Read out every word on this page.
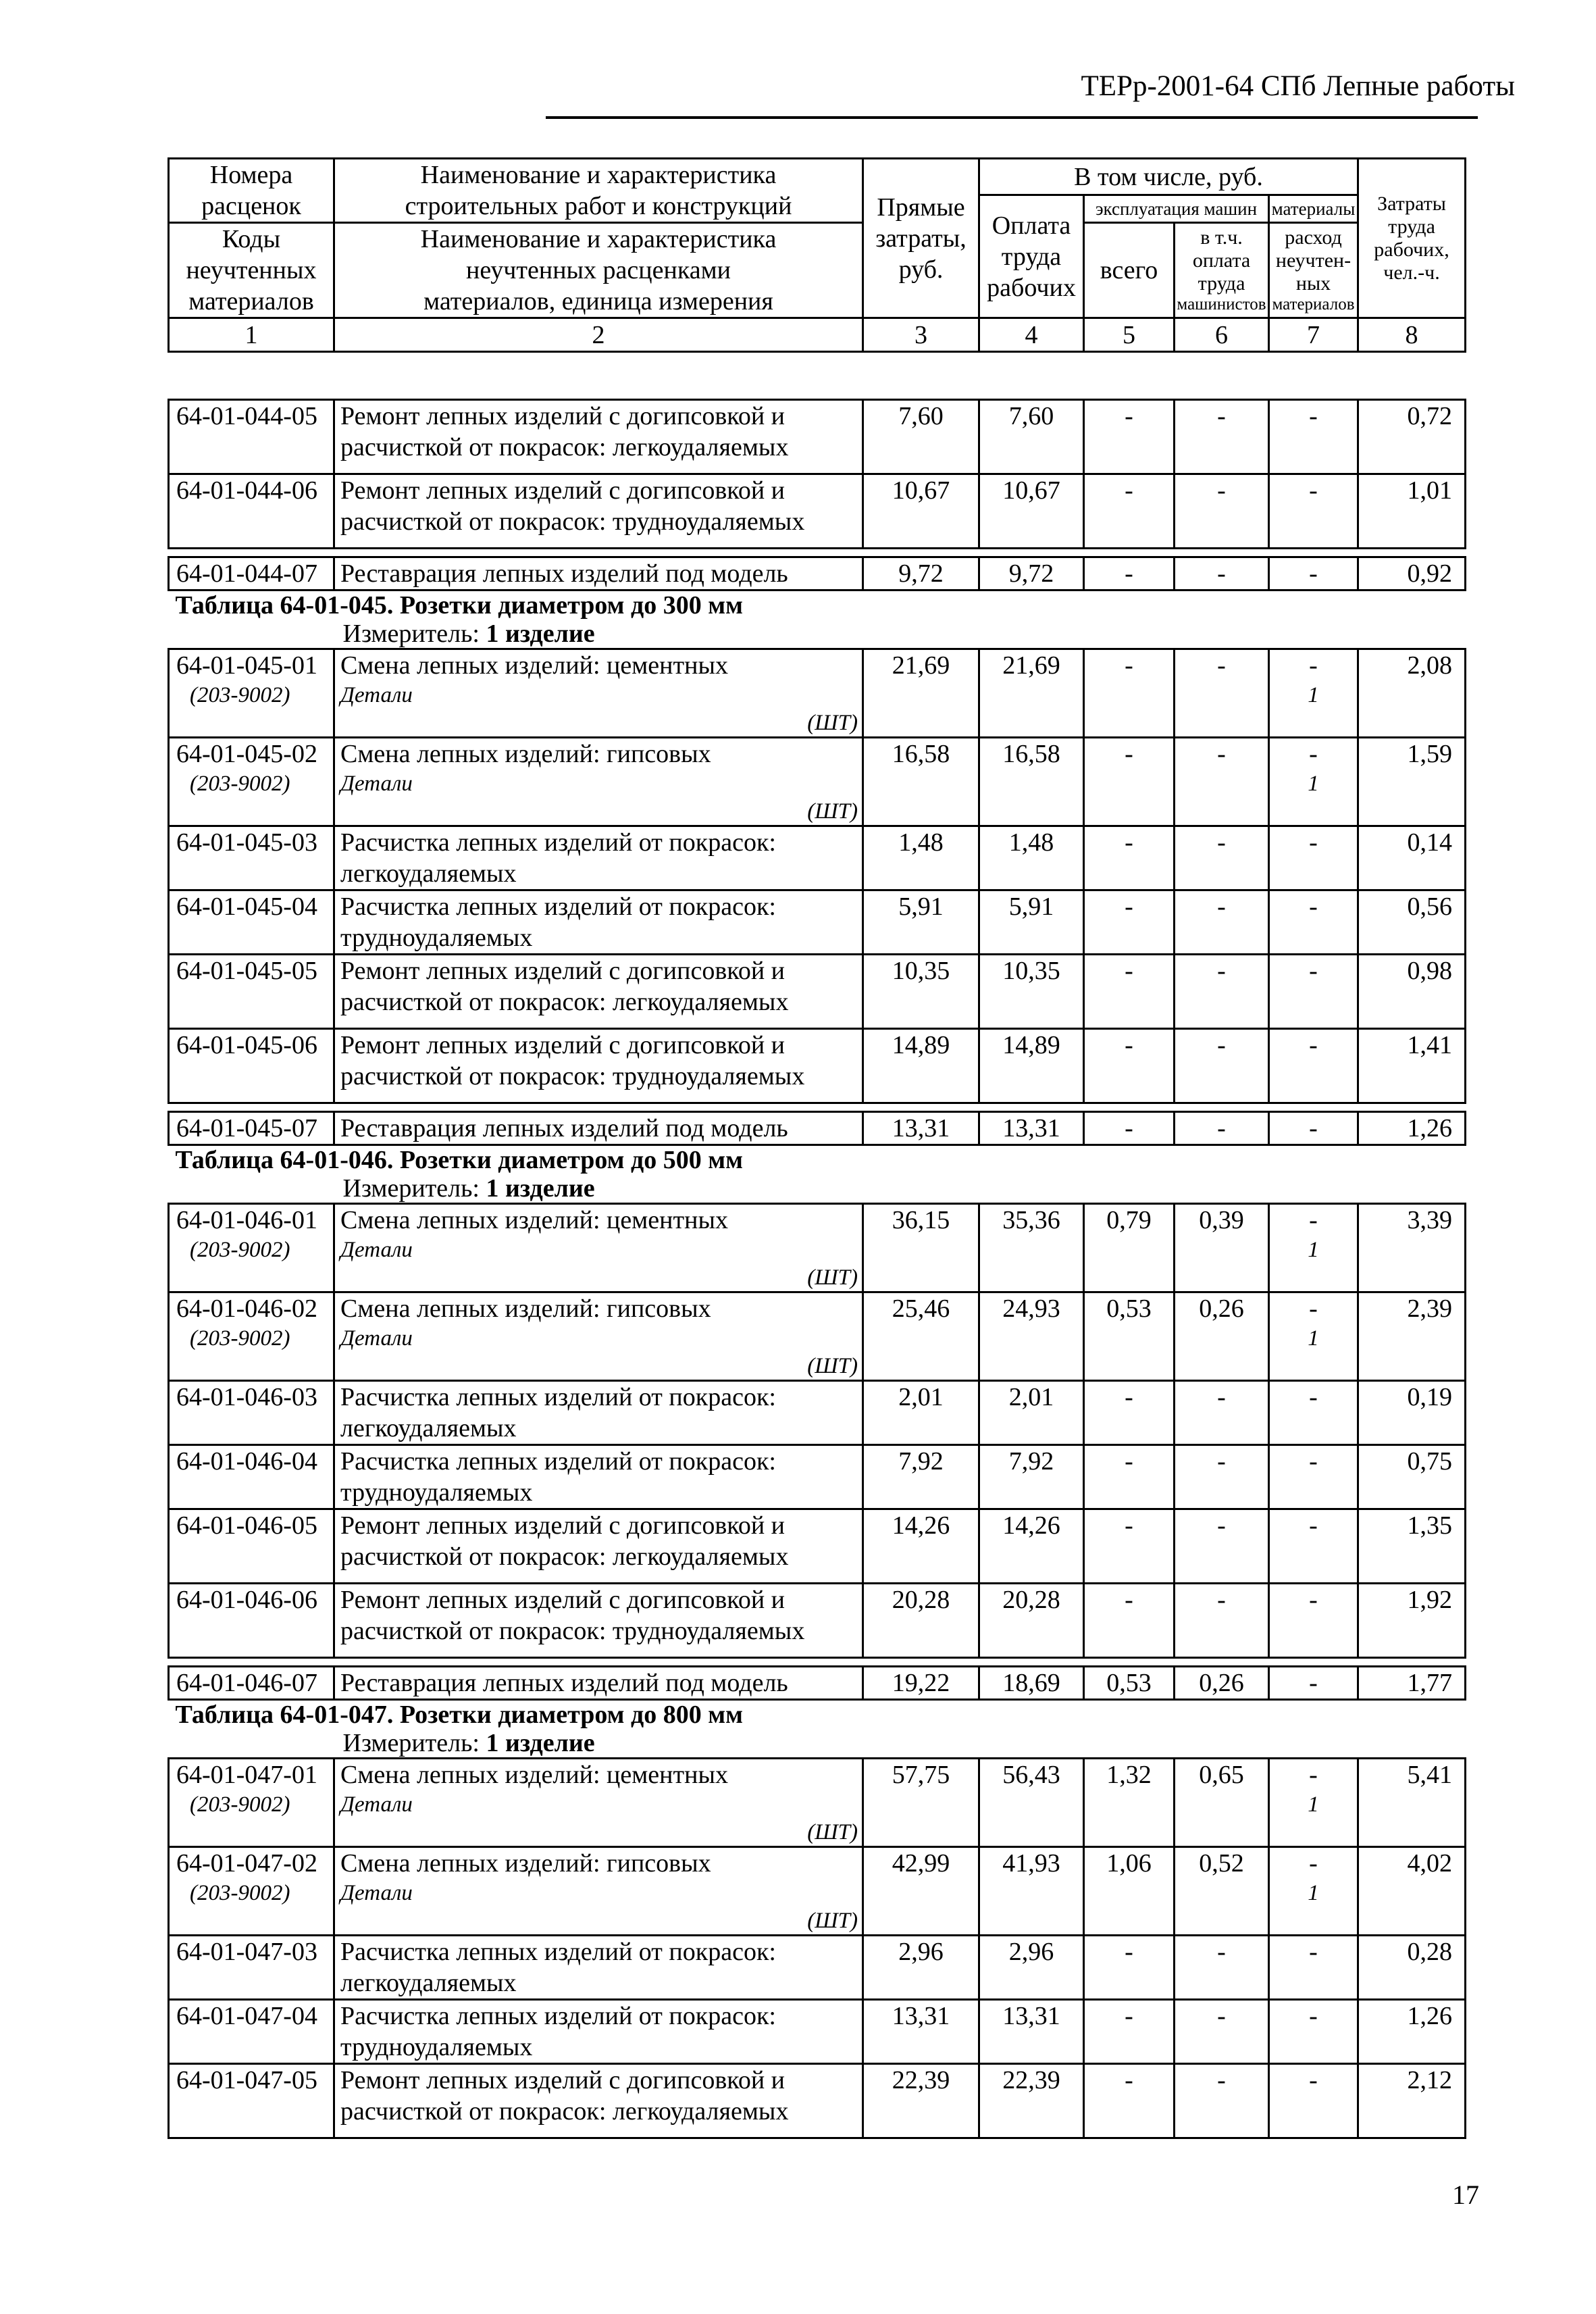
ТЕРр-2001-64 СПб Лепные работы
Номера
расценок	Наименование и характеристика
строительных работ и конструкций	Прямые
затраты,
руб.	В том числе, руб.				Затраты
труда
рабочих,
чел.-ч.

			Оплата
труда
рабочих	эксплуатация машин		материалы	

Коды
неучтенных
материалов	Наименование и характеристика
неучтенных расценками
материалов, единица измерения			всего	в т.ч.
оплата
труда
машинистов	расход
неучтен-
ных
материалов	

1	2	3	4	5	6	7	8
64-01-044-05	Ремонт лепных изделий с догипсовкой и
расчисткой от покрасок: легкоудаляемых	7,60	7,60	-	-	-	0,72
64-01-044-06	Ремонт лепных изделий с догипсовкой и
расчисткой от покрасок: трудноудаляемых	10,67	10,67	-	-	-	1,01

64-01-044-07	Реставрация лепных изделий под модель	9,72	9,72	-	-	-	0,92

Таблица 64-01-045. Розетки диаметром до 300 мм							
Измеритель: 1 изделие							
64-01-045-01	Смена лепных изделий: цементных	21,69	21,69	-	-	-	2,08
(203-9002)	Детали					1	
	(ШТ)						
64-01-045-02	Смена лепных изделий: гипсовых	16,58	16,58	-	-	-	1,59
(203-9002)	Детали					1	
	(ШТ)						
64-01-045-03	Расчистка лепных изделий от покрасок:
легкоудаляемых	1,48	1,48	-	-	-	0,14
64-01-045-04	Расчистка лепных изделий от покрасок:
трудноудаляемых	5,91	5,91	-	-	-	0,56
64-01-045-05	Ремонт лепных изделий с догипсовкой и
расчисткой от покрасок: легкоудаляемых	10,35	10,35	-	-	-	0,98
64-01-045-06	Ремонт лепных изделий с догипсовкой и
расчисткой от покрасок: трудноудаляемых	14,89	14,89	-	-	-	1,41

64-01-045-07	Реставрация лепных изделий под модель	13,31	13,31	-	-	-	1,26
Таблица 64-01-046. Розетки диаметром до 500 мм							
Измеритель: 1 изделие							
64-01-046-01	Смена лепных изделий: цементных	36,15	35,36	0,79	0,39	-	3,39
(203-9002)	Детали					1	
	(ШТ)						
64-01-046-02	Смена лепных изделий: гипсовых	25,46	24,93	0,53	0,26	-	2,39
(203-9002)	Детали					1	
	(ШТ)						
64-01-046-03	Расчистка лепных изделий от покрасок:
легкоудаляемых	2,01	2,01	-	-	-	0,19
64-01-046-04	Расчистка лепных изделий от покрасок:
трудноудаляемых	7,92	7,92	-	-	-	0,75
64-01-046-05	Ремонт лепных изделий с догипсовкой и
расчисткой от покрасок: легкоудаляемых	14,26	14,26	-	-	-	1,35
64-01-046-06	Ремонт лепных изделий с догипсовкой и
расчисткой от покрасок: трудноудаляемых	20,28	20,28	-	-	-	1,92

64-01-046-07	Реставрация лепных изделий под модель	19,22	18,69	0,53	0,26	-	1,77
Таблица 64-01-047. Розетки диаметром до 800 мм							
Измеритель: 1 изделие							
64-01-047-01	Смена лепных изделий: цементных	57,75	56,43	1,32	0,65	-	5,41
(203-9002)	Детали					1	
	(ШТ)						
64-01-047-02	Смена лепных изделий: гипсовых	42,99	41,93	1,06	0,52	-	4,02
(203-9002)	Детали					1	
	(ШТ)						
64-01-047-03	Расчистка лепных изделий от покрасок:
легкоудаляемых	2,96	2,96	-	-	-	0,28
64-01-047-04	Расчистка лепных изделий от покрасок:
трудноудаляемых	13,31	13,31	-	-	-	1,26
64-01-047-05	Ремонт лепных изделий с догипсовкой и
расчисткой от покрасок: легкоудаляемых	22,39	22,39	-	-	-	2,12
17
